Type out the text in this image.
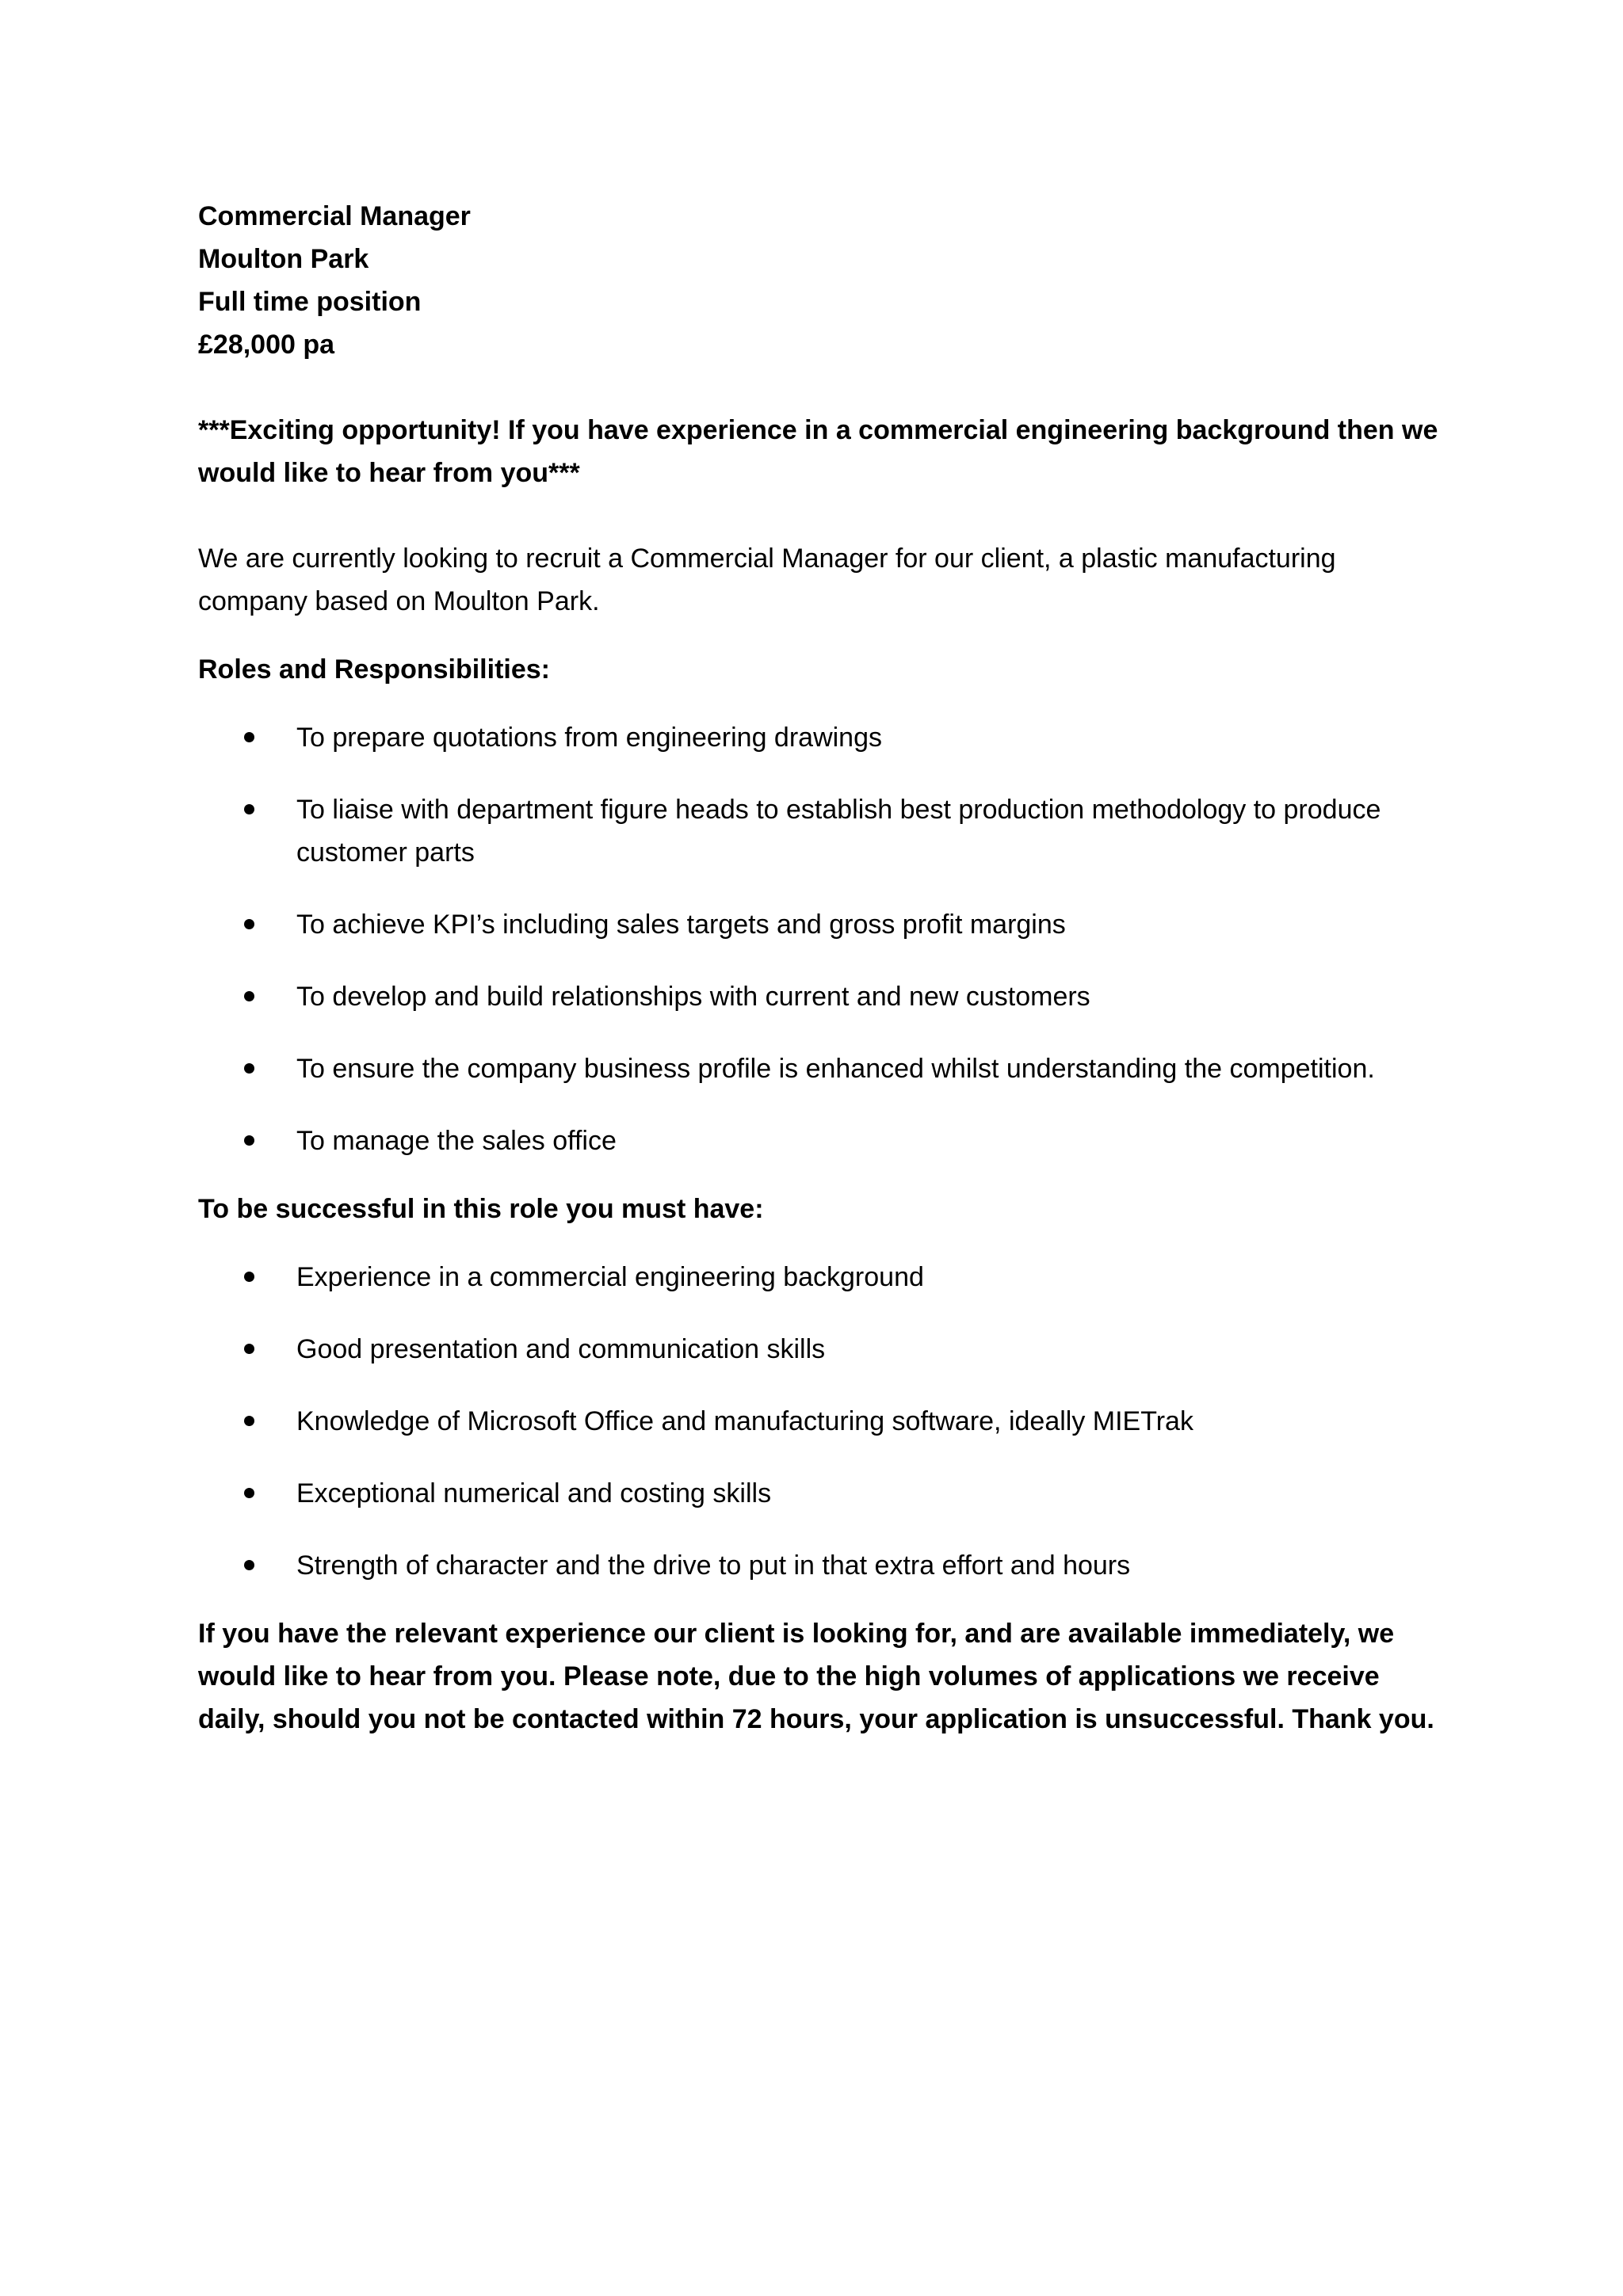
Commercial Manager
Moulton Park
Full time position
£28,000 pa

***Exciting opportunity! If you have experience in a commercial engineering background then we would like to hear from you***

We are currently looking to recruit a Commercial Manager for our client, a plastic manufacturing company based on Moulton Park.

Roles and Responsibilities:

To prepare quotations from engineering drawings
To liaise with department figure heads to establish best production methodology to produce customer parts
To achieve KPI’s including sales targets and gross profit margins
To develop and build relationships with current and new customers
To ensure the company business profile is enhanced whilst understanding the competition.
To manage the sales office

To be successful in this role you must have:

Experience in a commercial engineering background
Good presentation and communication skills
Knowledge of Microsoft Office and manufacturing software, ideally MIETrak
Exceptional numerical and costing skills
Strength of character and the drive to put in that extra effort and hours

If you have the relevant experience our client is looking for, and are available immediately, we would like to hear from you. Please note, due to the high volumes of applications we receive daily, should you not be contacted within 72 hours, your application is unsuccessful. Thank you.
